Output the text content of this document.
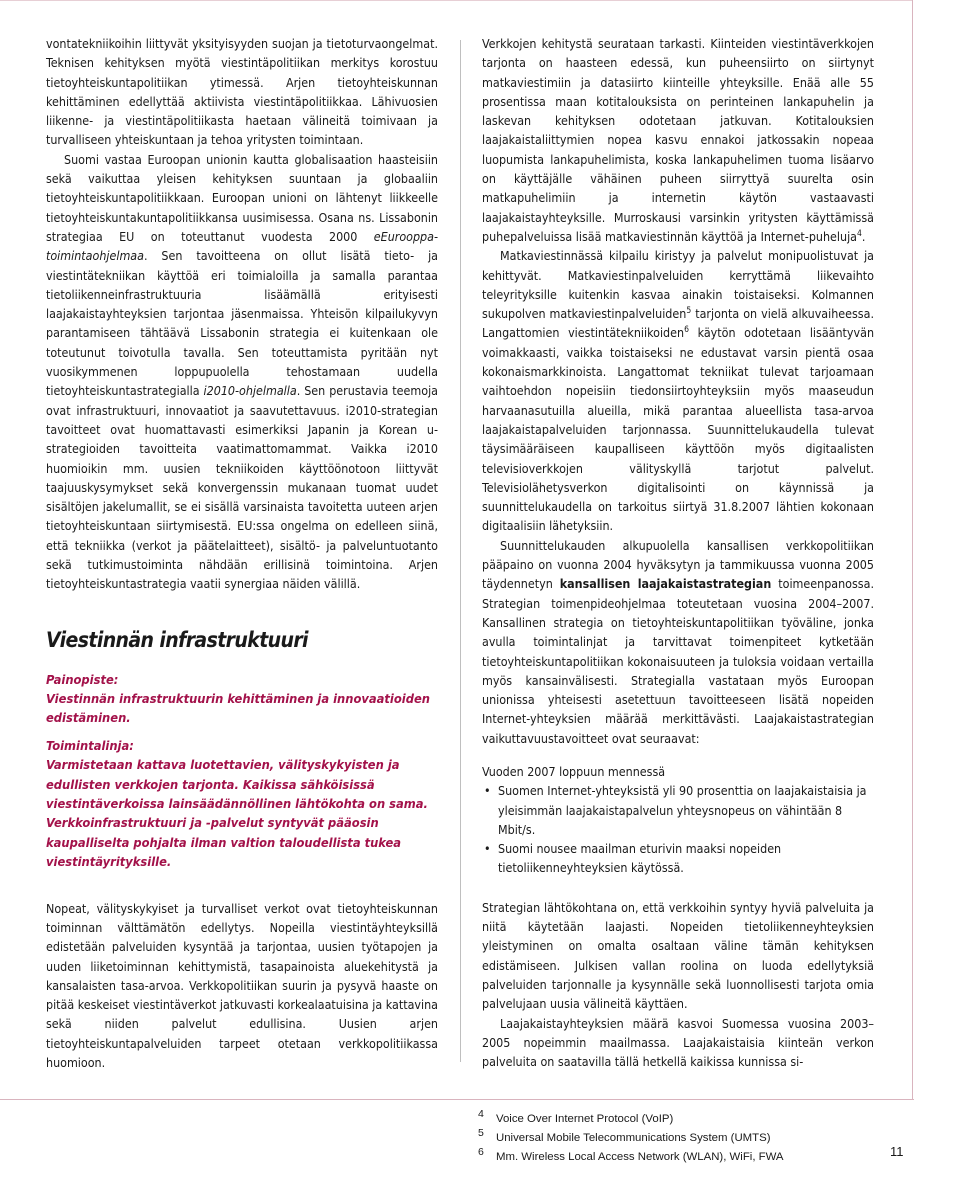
vontatekniikoihin liittyvät yksityisyyden suojan ja tietoturvaongelmat. Teknisen kehityksen myötä viestintäpolitiikan merkitys korostuu tietoyhteiskuntapolitiikan ytimessä. Arjen tietoyhteiskunnan kehittäminen edellyttää aktiivista viestintäpolitiikkaa. Lähivuosien liikenne- ja viestintäpolitiikasta haetaan välineitä toimivaan ja turvalliseen yhteiskuntaan ja tehoa yritysten toimintaan.

Suomi vastaa Euroopan unionin kautta globalisaation haasteisiin sekä vaikuttaa yleisen kehityksen suuntaan ja globaaliin tietoyhteiskuntapolitiikkaan. Euroopan unioni on lähtenyt liikkeelle tietoyhteiskuntakuntapolitiikkansa uusimisessa. Osana ns. Lissabonin strategiaa EU on toteuttanut vuodesta 2000 eEurooppa-toimintaohjelmaa. Sen tavoitteena on ollut lisätä tieto- ja viestintätekniikan käyttöä eri toimialoilla ja samalla parantaa tietoliikenneinfrastruktuuria lisäämällä erityisesti laajakaistayhteyksien tarjontaa jäsenmaissa. Yhteisön kilpailukyvyn parantamiseen tähtäävä Lissabonin strategia ei kuitenkaan ole toteutunut toivotulla tavalla. Sen toteuttamista pyritään nyt vuosikymmenen loppupuolella tehostamaan uudella tietoyhteiskuntastrategialla i2010-ohjelmalla. Sen perustavia teemoja ovat infrastruktuuri, innovaatiot ja saavutettavuus. i2010-strategian tavoitteet ovat huomattavasti esimerkiksi Japanin ja Korean u-strategioiden tavoitteita vaatimattomammat. Vaikka i2010 huomioikin mm. uusien tekniikoiden käyttöönotoon liittyvät taajuuskysymykset sekä konvergenssin mukanaan tuomat uudet sisältöjen jakelumallit, se ei sisällä varsinaista tavoitetta uuteen arjen tietoyhteiskuntaan siirtymisestä. EU:ssa ongelma on edelleen siinä, että tekniikka (verkot ja päätelaitteet), sisältö- ja palveluntuotanto sekä tutkimustoiminta nähdään erillisinä toimintoina. Arjen tietoyhteiskuntastrategia vaatii synergiaa näiden välillä.

Viestinnän infrastruktuuri
Painopiste:
Viestinnän infrastruktuurin kehittäminen ja innovaatioiden edistäminen.
Toimintalinja:
Varmistetaan kattava luotettavien, välityskykyisten ja edullisten verkkojen tarjonta. Kaikissa sähköisissä viestintäverkoissa lainsäädännöllinen lähtökohta on sama. Verkkoinfrastruktuuri ja -palvelut syntyvät pääosin kaupalliselta pohjalta ilman valtion taloudellista tukea viestintäyrityksille.

Nopeat, välityskykyiset ja turvalliset verkot ovat tietoyhteiskunnan toiminnan välttämätön edellytys. Nopeilla viestintäyhteyksillä edistetään palveluiden kysyntää ja tarjontaa, uusien työtapojen ja uuden liiketoiminnan kehittymistä, tasapainoista aluekehitystä ja kansalaisten tasa-arvoa. Verkkopolitiikan suurin ja pysyvä haaste on pitää keskeiset viestintäverkot jatkuvasti korkealaatuisina ja kattavina sekä niiden palvelut edullisina. Uusien arjen tietoyhteiskuntapalveluiden tarpeet otetaan verkkopolitiikassa huomioon.

Verkkojen kehitystä seurataan tarkasti. Kiinteiden viestintäverkkojen tarjonta on haasteen edessä, kun puheensiirto on siirtynyt matkaviestimiin ja datasiirto kiinteille yhteyksille. Enää alle 55 prosentissa maan kotitalouksista on perinteinen lankapuhelin ja laskevan kehityksen odotetaan jatkuvan. Kotitalouksien laajakaistaliittymien nopea kasvu ennakoi jatkossakin nopeaa luopumista lankapuhelimista, koska lankapuhelimen tuoma lisäarvo on käyttäjälle vähäinen puheen siirryttyä suurelta osin matkapuhelimiin ja internetin käytön vastaavasti laajakaistayhteyksille. Murroskausi varsinkin yritysten käyttämissä puhepalveluissa lisää matkaviestinnän käyttöä ja Internet-puheluja$^4$.

Matkaviestinnässä kilpailu kiristyy ja palvelut monipuolistuvat ja kehittyvät. Matkaviestinpalveluiden kerryttämä liikevaihto teleyrityksille kuitenkin kasvaa ainakin toistaiseksi. Kolmannen sukupolven matkaviestinpalveluiden$^5$ tarjonta on vielä alkuvaiheessa. Langattomien viestintätekniikoiden$^6$ käytön odotetaan lisääntyvän voimakkaasti, vaikka toistaiseksi ne edustavat varsin pientä osaa kokonaismarkkinoista. Langattomat tekniikat tulevat tarjoamaan vaihtoehdon nopeisiin tiedonsiirtoyhteyksiin myös maaseudun harvaanasutuilla alueilla, mikä parantaa alueellista tasa-arvoa laajakaistapalveluiden tarjonnassa. Suunnittelukaudella tulevat täysimääräiseen kaupalliseen käyttöön myös digitaalisten televisioverkkojen välityskyllä tarjotut palvelut. Televisiolähetysverkon digitalisointi on käynnissä ja suunnittelukaudella on tarkoitus siirtyä 31.8.2007 lähtien kokonaan digitaalisiin lähetyksiin.

Suunnittelukauden alkupuolella kansallisen verkkopolitiikan pääpaino on vuonna 2004 hyväksytyn ja tammikuussa vuonna 2005 täydennetyn kansallisen laajakaistastrategian toimeenpanossa. Strategian toimenpideohjelmaa toteutetaan vuosina 2004–2007. Kansallinen strategia on tietoyhteiskuntapolitiikan työväline, jonka avulla toimintalinjat ja tarvittavat toimenpiteet kytketään tietoyhteiskuntapolitiikan kokonaisuuteen ja tuloksia voidaan vertailla myös kansainvälisesti. Strategialla vastataan myös Euroopan unionissa yhteisesti asetettuun tavoitteeseen lisätä nopeiden Internet-yhteyksien määrää merkittävästi. Laajakaistastrategian vaikuttavuustavoitteet ovat seuraavat:

Vuoden 2007 loppuun mennessä

• Suomen Internet-yhteyksistä yli 90 prosenttia on laajakaistaisia ja yleisimmän laajakaistapalvelun yhteysnopeus on vähintään 8 Mbit/s.
• Suomi nousee maailman eturivin maaksi nopeiden tietoliikenneyhteyksien käytössä.

Strategian lähtökohtana on, että verkkoihin syntyy hyviä palveluita ja niitä käytetään laajasti. Nopeiden tietoliikenneyhteyksien yleistyminen on omalta osaltaan väline tämän kehityksen edistämiseen. Julkisen vallan roolina on luoda edellytyksiä palveluiden tarjonnalle ja kysynnälle sekä luonnollisesti tarjota omia palvelujaan uusia välineitä käyttäen.

Laajakaistayhteyksien määrä kasvoi Suomessa vuosina 2003–2005 nopeimmin maailmassa. Laajakaistaisia kiinteän verkon palveluita on saatavilla tällä hetkellä kaikissa kunnissa si-

4 Voice Over Internet Protocol (VoIP)
5 Universal Mobile Telecommunications System (UMTS)
6 Mm. Wireless Local Access Network (WLAN), WiFi, FWA	11
